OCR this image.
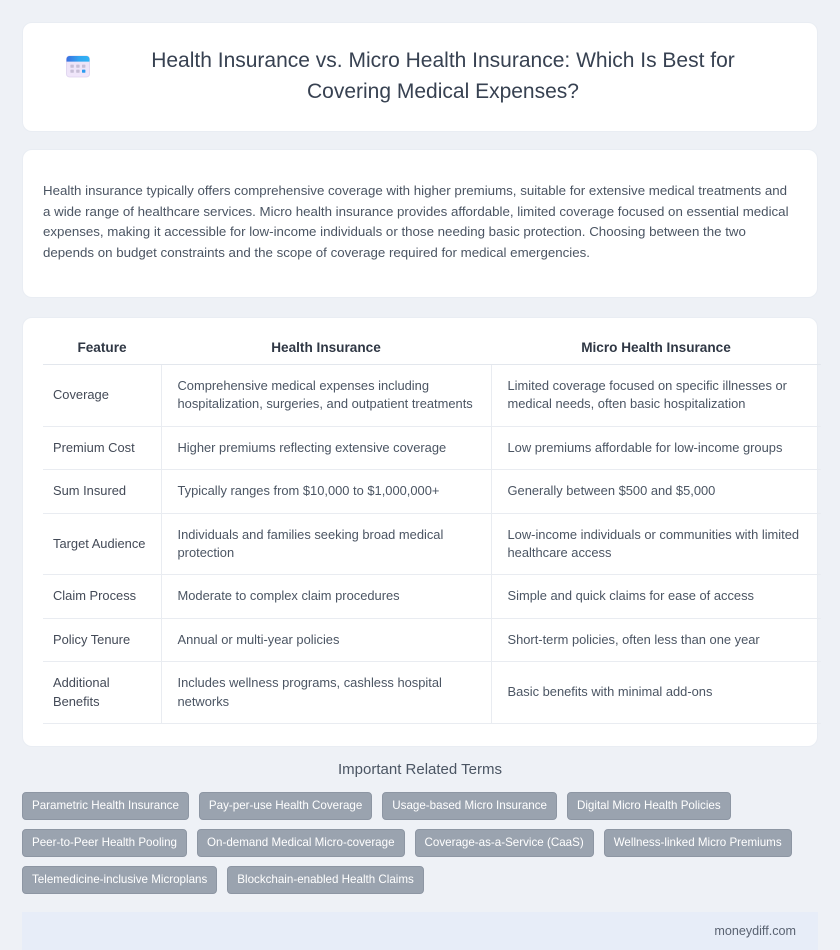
Health Insurance vs. Micro Health Insurance: Which Is Best for Covering Medical Expenses?

Health insurance typically offers comprehensive coverage with higher premiums, suitable for extensive medical treatments and a wide range of healthcare services. Micro health insurance provides affordable, limited coverage focused on essential medical expenses, making it accessible for low-income individuals or those needing basic protection. Choosing between the two depends on budget constraints and the scope of coverage required for medical emergencies.

Feature	Health Insurance	Micro Health Insurance
Coverage	Comprehensive medical expenses including hospitalization, surgeries, and outpatient treatments	Limited coverage focused on specific illnesses or medical needs, often basic hospitalization
Premium Cost	Higher premiums reflecting extensive coverage	Low premiums affordable for low-income groups
Sum Insured	Typically ranges from $10,000 to $1,000,000+	Generally between $500 and $5,000
Target Audience	Individuals and families seeking broad medical protection	Low-income individuals or communities with limited healthcare access
Claim Process	Moderate to complex claim procedures	Simple and quick claims for ease of access
Policy Tenure	Annual or multi-year policies	Short-term policies, often less than one year
Additional Benefits	Includes wellness programs, cashless hospital networks	Basic benefits with minimal add-ons
Important Related Terms
Parametric Health Insurance	Pay-per-use Health Coverage	Usage-based Micro Insurance	Digital Micro Health Policies
Peer-to-Peer Health Pooling	On-demand Medical Micro-coverage	Coverage-as-a-Service (CaaS)	Wellness-linked Micro Premiums
Telemedicine-inclusive Microplans	Blockchain-enabled Health Claims
moneydiff.com
